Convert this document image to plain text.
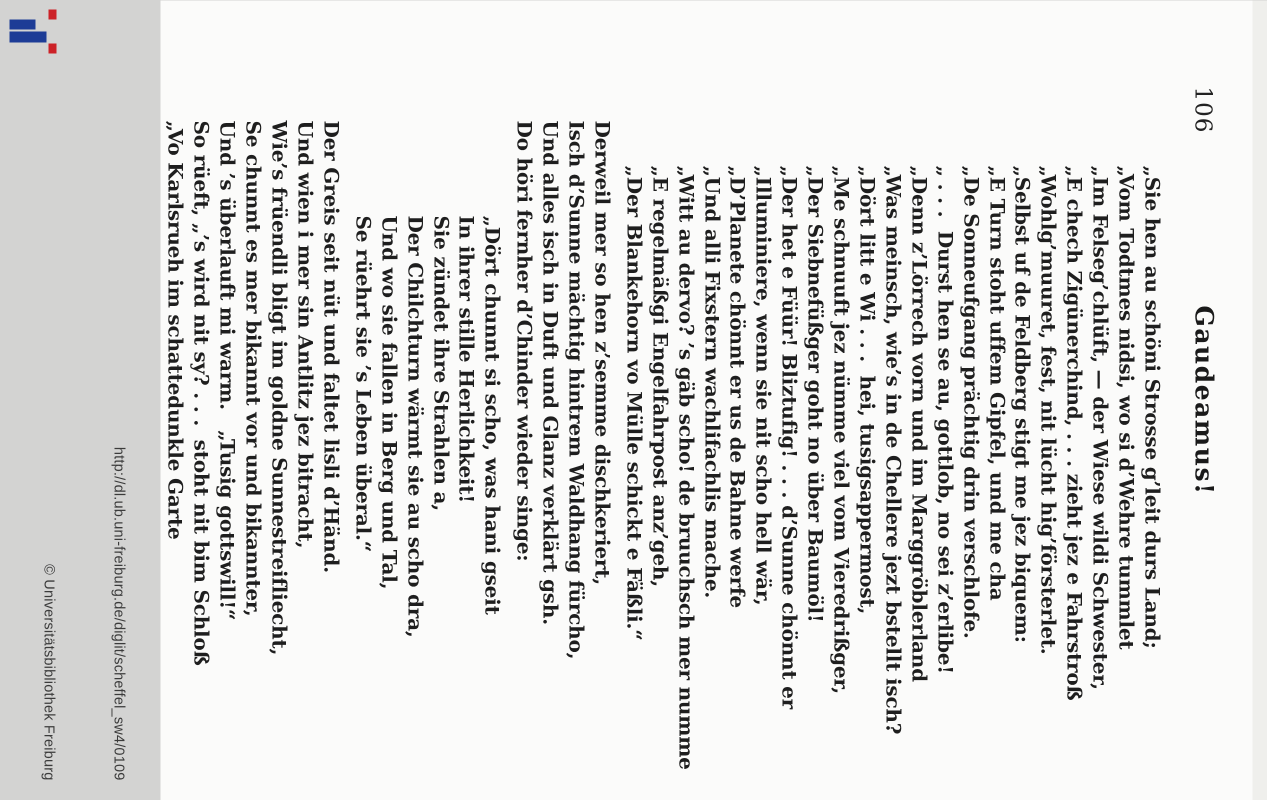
106
Gaudeamus!
„Sie hen au schöni Strosse g’leit durs Land;
„Vom Todtmes nidsi, wo si d’Wehre tummlet
„Im Felseg’chlüft, — der Wiese wildi Schwester,
„E chech Zigünerchind, . . . zieht jez e Fahrstroß
„Wohlg’muuret, fest, nit lücht hig’försterlet.
„Selbst uf de Feldberg stigt me jez biquem:
„E Turn stoht uffem Gipfel, und me cha
„De Sonneufgang prächtig drin verschlofe.
„ . . .  Durst hen se au, gottlob, no sei z’erlibe!
„Denn z’Lörrech vorn und im Marggröblerland
„Was meinsch, wie’s in de Chellere jezt bstellt isch?
„Dört litt e Wi . . .  hei, tusigsappermost,
„Me schnuuft jez nümme viel vom Vieredrißger,
„Der Siebnefüßger goht no über Baumöl!
„Der het e Füür! Bliztufig! . . . d’Sunne chönnt er
„Illuminiere, wenn sie nit scho hell wär,
„D’Planete chönnt er us de Bahne werfe
„Und alli Fixstern wachlifachlis mache.
„Witt au dervo? ’s gäb scho! de bruuchsch mer numme
„E regelmäßgi Engelfahrpost anz’geh,
„Der Blankehorn vo Mülle schickt e Fäßli.“
Derweil mer so hen z’semme dischkeriert,
Isch d’Sunne mächtig hintrem Waldhang fürcho,
Und alles isch in Duft und Glanz verklärt gsh.
Do höri fernher d’Chinder wieder singe:
„Dört chunnt si scho, was hani gseit
In ihrer stille Herlichkeit!
Sie zündet ihre Strahlen a,
Der Chilchturn wärmt sie au scho dra,
Und wo sie fallen in Berg und Tal,
Se rüehrt sie ’s Leben überal.“
Der Greis seit nüt und faltet lisli d’Händ.
Und wien i mer sin Antlitz jez bitracht,
Wie’s früendli bligt im goldne Sunnestreifliecht,
Se chunnt es mer bikannt vor und bikannter,
Und ’s überlauft mi warm.   „Tusig gottswill!“
So rüeft, „’s wird nit sy? . . .  stoht nit bim Schloß
„Vo Karlsrueh im schattedunkle Garte
http://dl.ub.uni-freiburg.de/diglit/scheffel_sw4/0109
© Universitätsbibliothek Freiburg
